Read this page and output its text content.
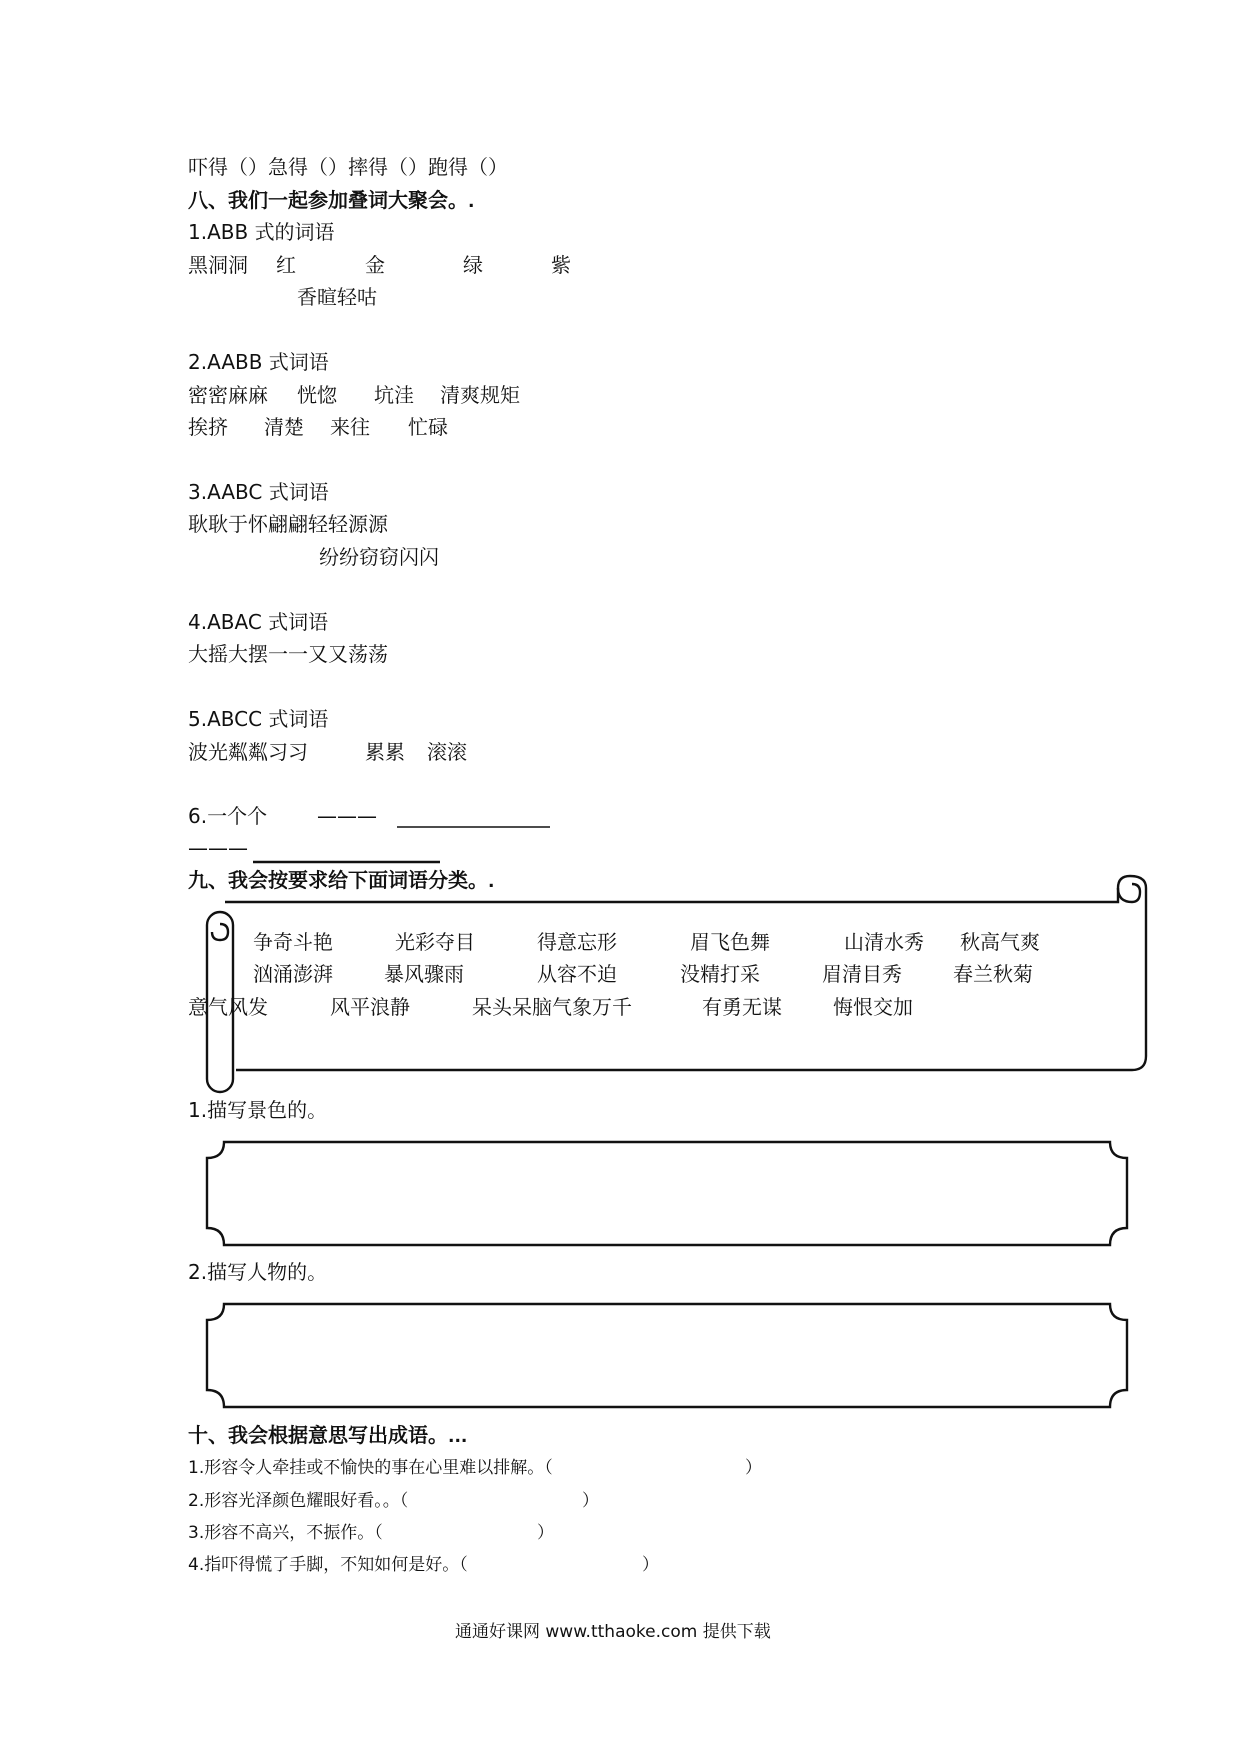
吓得（）急得（）摔得（）跑得（）
八、我们一起参加叠词大聚会。.
1.ABB 式的词语
黑洞洞 红	金	绿	紫
香暄轻咕
2.AABB 式词语
密密麻麻 恍惚 坑洼 清爽规矩
挨挤 清楚 来往 忙碌
3.AABC 式词语
耿耿于怀翩翩轻轻源源
纷纷窃窃闪闪
4.ABAC 式词语
大摇大摆一一又又荡荡
5.ABCC 式词语
波光粼粼习习	累累 滚滚
6.一个个 ———
———
九、我会按要求给下面词语分类。.
争奇斗艳	光彩夺目	得意忘形	眉飞色舞	山清水秀 秋高气爽
汹涌澎湃	暴风骤雨	从容不迫	没精打采	眉清目秀	春兰秋菊
意气风发	风平浪静	呆头呆脑气象万千	有勇无谋	悔恨交加
1.描写景色的。
2.描写人物的。
十、我会根据意思写出成语。...
1.形容令人牵挂或不愉快的事在心里难以排解。（	）
2.形容光泽颜色耀眼好看。。（	）
3.形容不高兴，不振作。（	）
4.指吓得慌了手脚，不知如何是好。（	）
通通好课网 www.tthaoke.com 提供下载
